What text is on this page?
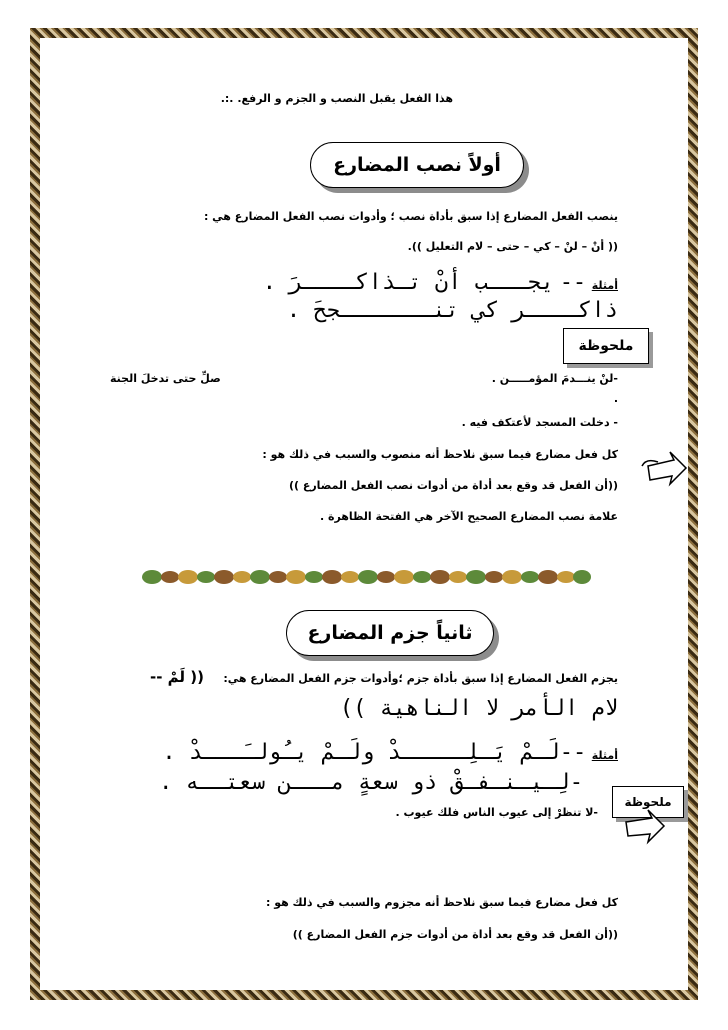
هذا الفعل يقبل النصب و الجزم و الرفع. .:.
أولاً نصب المضارع
ينصب الفعل المضارع إذا سبق بأداة نصب ؛ وأدوات نصب الفعل المضارع هي :
(( أنْ – لنْ – كي – حتى – لام التعليل )).
أمثلة -- يجـــب أنْ تـذاكــــرَ .
ذاكــــر كي تنـــــــجحَ .
ملحوظة
-لنْ ينـــدمَ المؤمـــــن .
صلِّ حتى تدخلَ الجنة
.
- دخلت المسجد لأعتكف فيه .
كل فعل مضارع فيما سبق نلاحظ أنه منصوب والسبب في ذلك هو :
((أن الفعل قد وقع بعد أداة من أدوات نصب الفعل المضارع ))
علامة نصب المضارع الصحيح الآخر هي الفتحة الظاهرة .
ثانياً جزم المضارع
يجزم الفعل المضارع إذا سبق بأداة جزم ؛وأدوات جزم الفعل المضارع هي:
(( لَمْ --
لام الأمر لا الناهية ))
أمثلة --لَـمْ يَـلِـــــدْ ولَـمْ يـُولـَـــدْ .
-لِـيـنـفـقْ ذو سعةٍ مـــن سعتــه .
ملحوظة
-لا تنظرْ إلى عيوب الناس فلك عيوب .
كل فعل مضارع فيما سبق نلاحظ أنه مجزوم والسبب في ذلك هو :
((أن الفعل قد وقع بعد أداة من أدوات جزم الفعل المضارع ))
